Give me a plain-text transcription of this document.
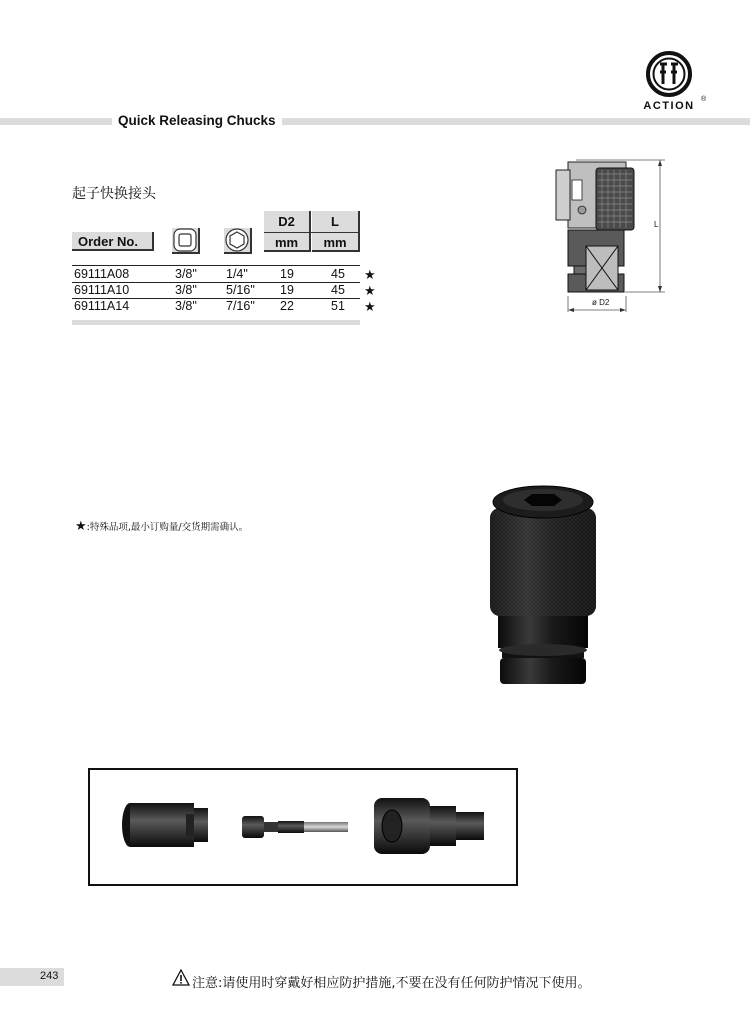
Quick Releasing Chucks
ACTION
®
起子快换接头
Order No.
D2	L
mm	mm
69111A08	3/8" 1/4"	19	45 ★
69111A10	3/8" 5/16" 19	45 ★
69111A14	3/8" 7/16" 22	51 ★
L
ø D2
★:特殊品项,最小订购量/交货期需确认。
243	注意:请使用时穿戴好相应防护措施,不要在没有任何防护情况下使用。
